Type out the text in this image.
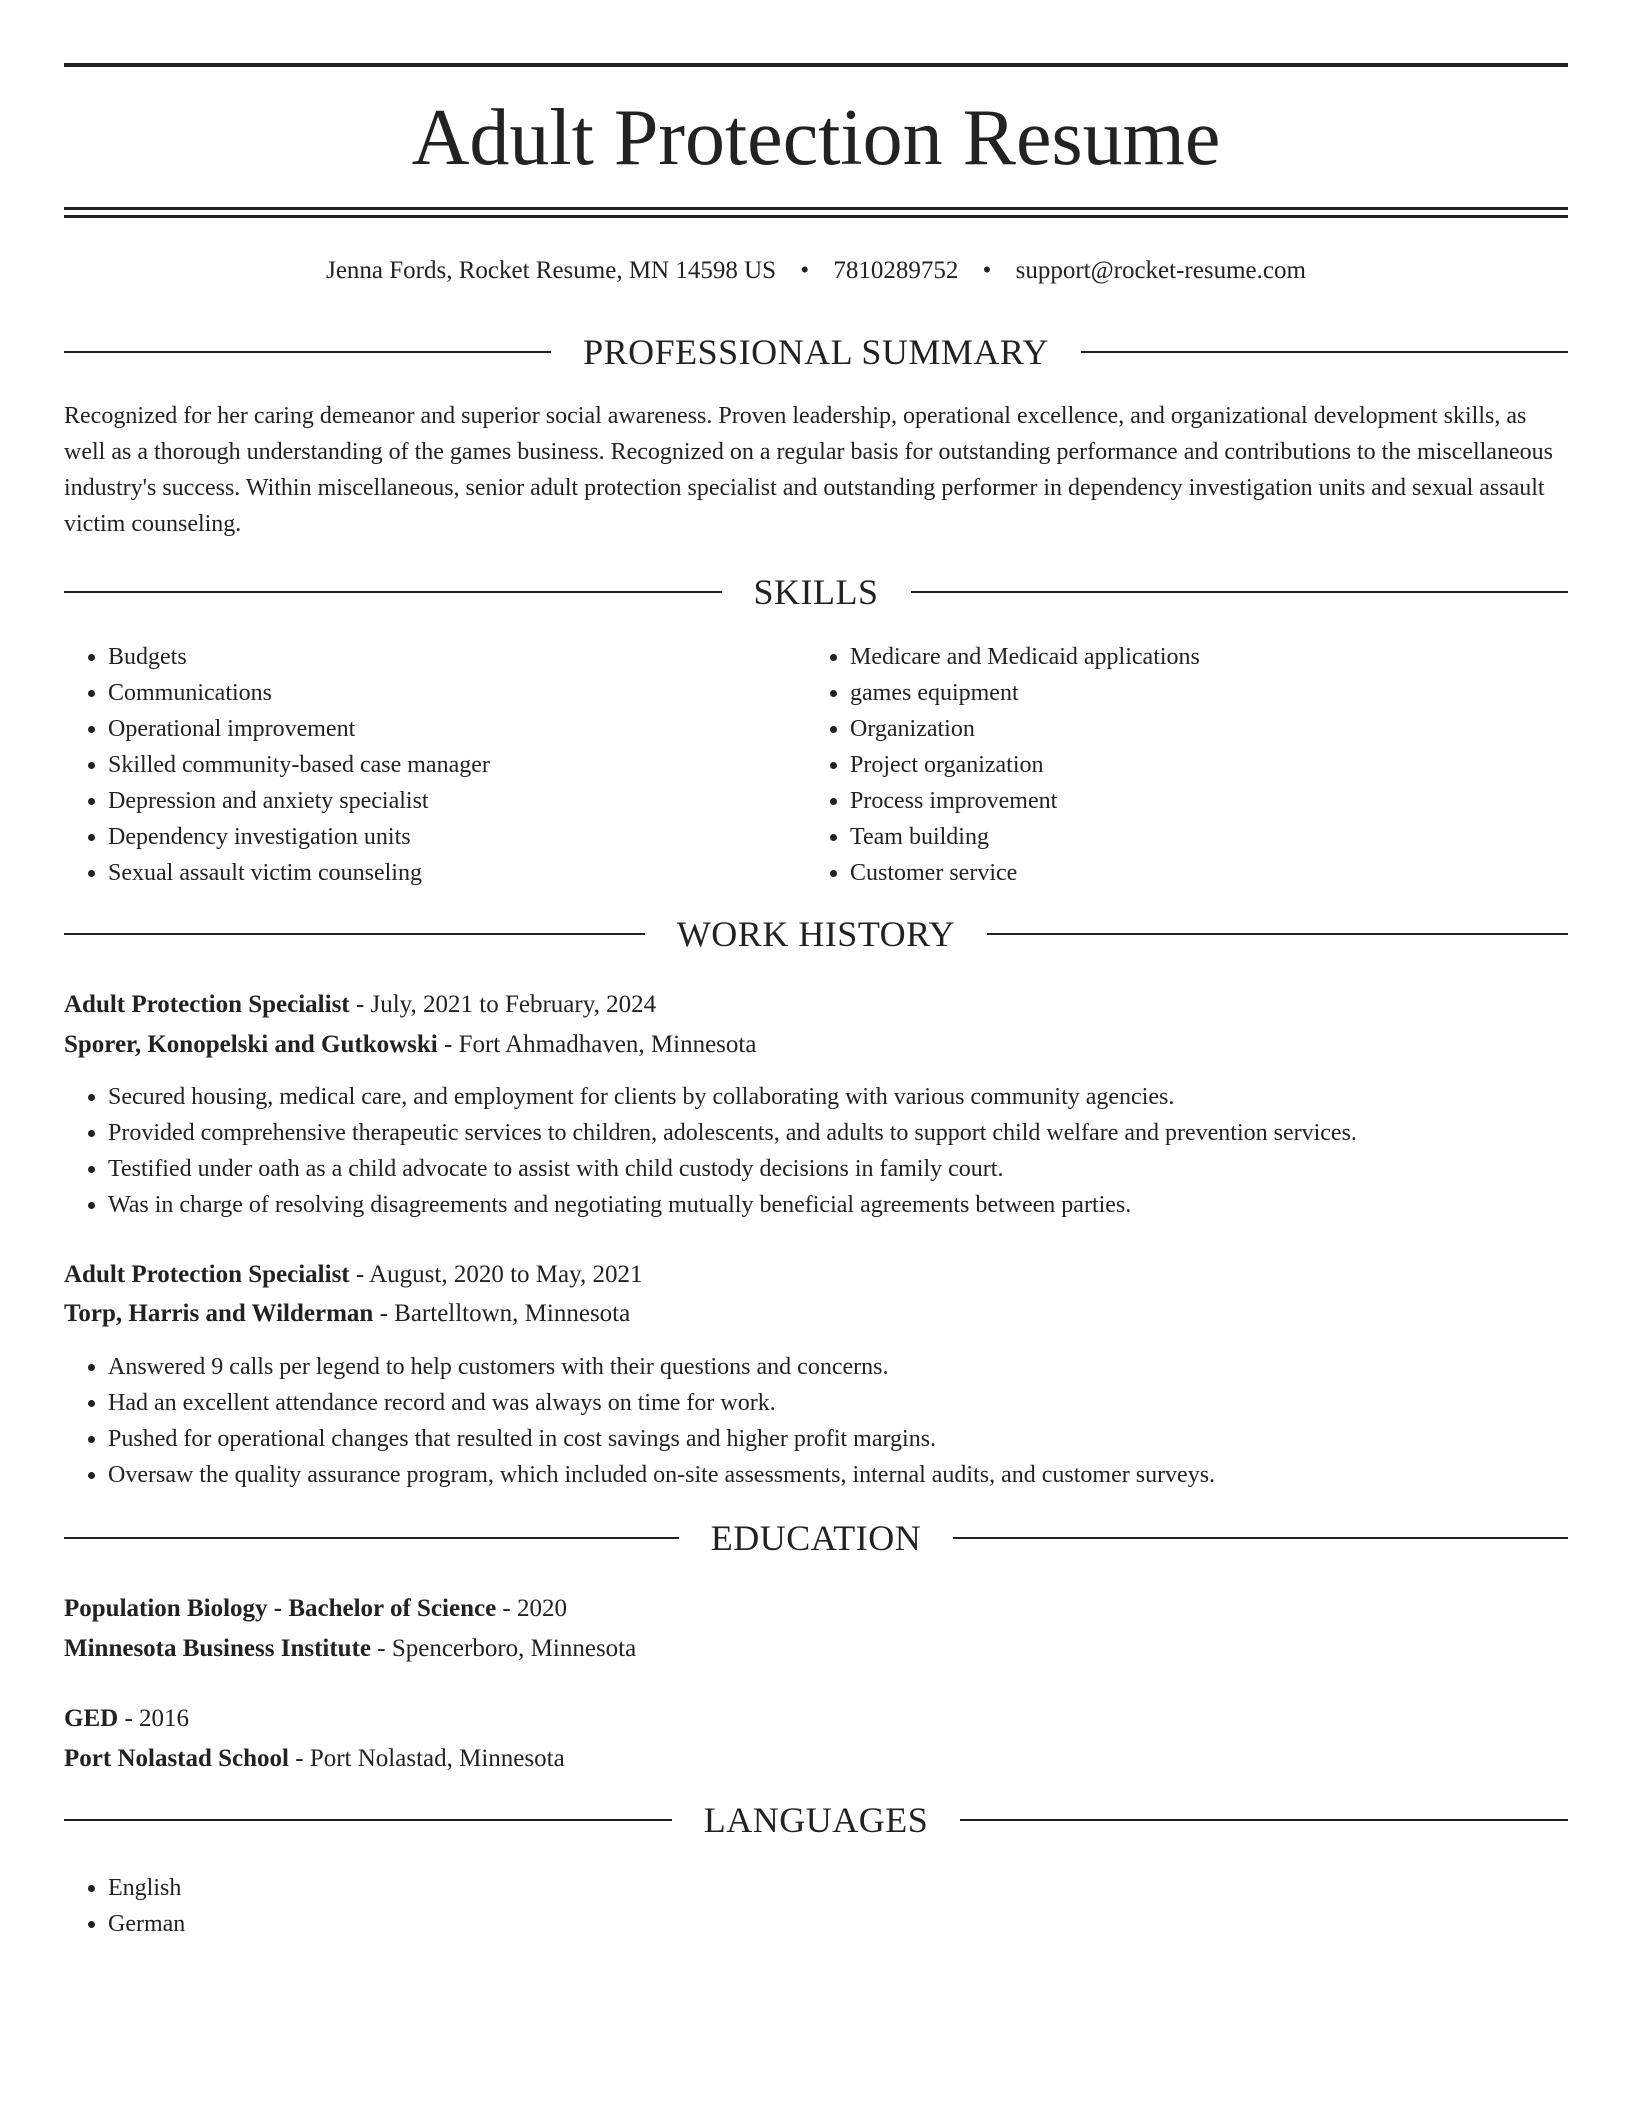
Adult Protection Resume
Jenna Fords, Rocket Resume, MN 14598 US • 7810289752 • support@rocket-resume.com
PROFESSIONAL SUMMARY

Recognized for her caring demeanor and superior social awareness. Proven leadership, operational excellence, and organizational development skills, as well as a thorough understanding of the games business. Recognized on a regular basis for outstanding performance and contributions to the miscellaneous industry's success. Within miscellaneous, senior adult protection specialist and outstanding performer in dependency investigation units and sexual assault victim counseling.

SKILLS
• Budgets
• Communications
• Operational improvement
• Skilled community-based case manager
• Depression and anxiety specialist
• Dependency investigation units
• Sexual assault victim counseling
• Medicare and Medicaid applications
• games equipment
• Organization
• Project organization
• Process improvement
• Team building
• Customer service
WORK HISTORY
Adult Protection Specialist - July, 2021 to February, 2024
Sporer, Konopelski and Gutkowski - Fort Ahmadhaven, Minnesota
• Secured housing, medical care, and employment for clients by collaborating with various community agencies.
• Provided comprehensive therapeutic services to children, adolescents, and adults to support child welfare and prevention services.
• Testified under oath as a child advocate to assist with child custody decisions in family court.
• Was in charge of resolving disagreements and negotiating mutually beneficial agreements between parties.
Adult Protection Specialist - August, 2020 to May, 2021
Torp, Harris and Wilderman - Bartelltown, Minnesota
• Answered 9 calls per legend to help customers with their questions and concerns.
• Had an excellent attendance record and was always on time for work.
• Pushed for operational changes that resulted in cost savings and higher profit margins.
• Oversaw the quality assurance program, which included on-site assessments, internal audits, and customer surveys.
EDUCATION
Population Biology - Bachelor of Science - 2020
Minnesota Business Institute - Spencerboro, Minnesota
GED - 2016
Port Nolastad School - Port Nolastad, Minnesota
LANGUAGES
• English
• German
